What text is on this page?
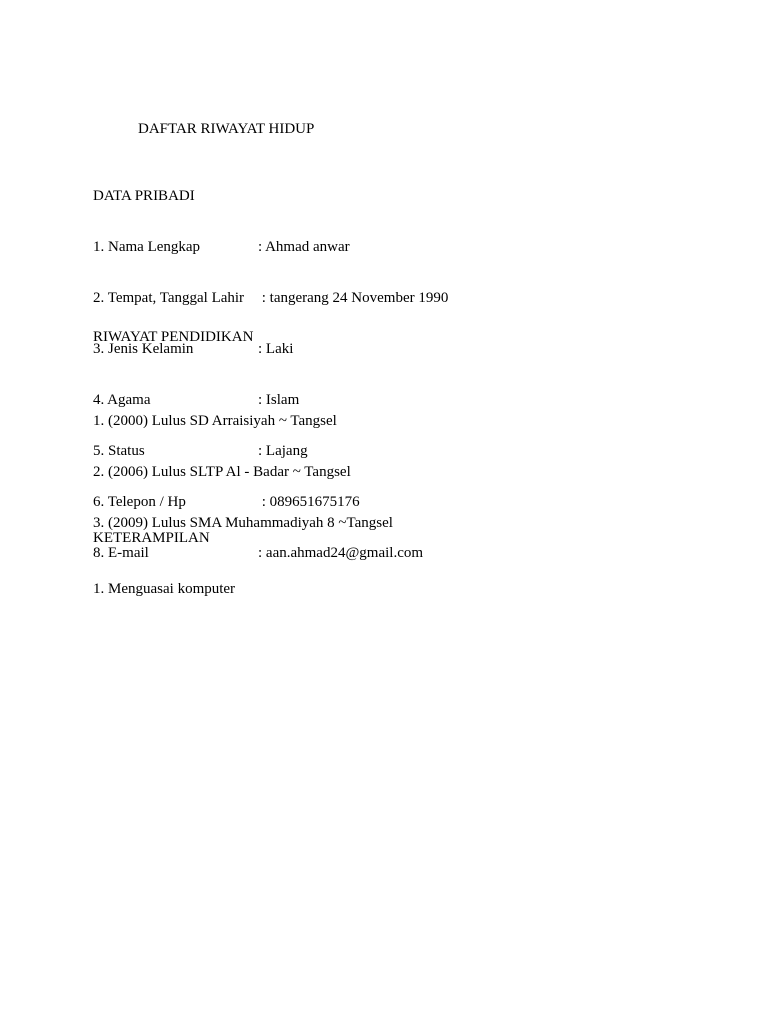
DAFTAR RIWAYAT HIDUP

DATA PRIBADI

1. Nama Lengkap

	: Ahmad anwar

2. Tempat, Tanggal Lahir

: tangerang 24 November 1990

3. Jenis Kelamin

	: Laki

4. Agama

	: Islam

5. Status

	: Lajang

6. Telepon / Hp

	: 089651675176

8. E-mail

	: aan.ahmad24@gmail.com

RIWAYAT PENDIDIKAN

1. (2000) Lulus SD Arraisiyah ~ Tangsel

2. (2006) Lulus SLTP Al - Badar ~ Tangsel

3. (2009) Lulus SMA Muhammadiyah 8 ~Tangsel

KETERAMPILAN

1. Menguasai komputer
